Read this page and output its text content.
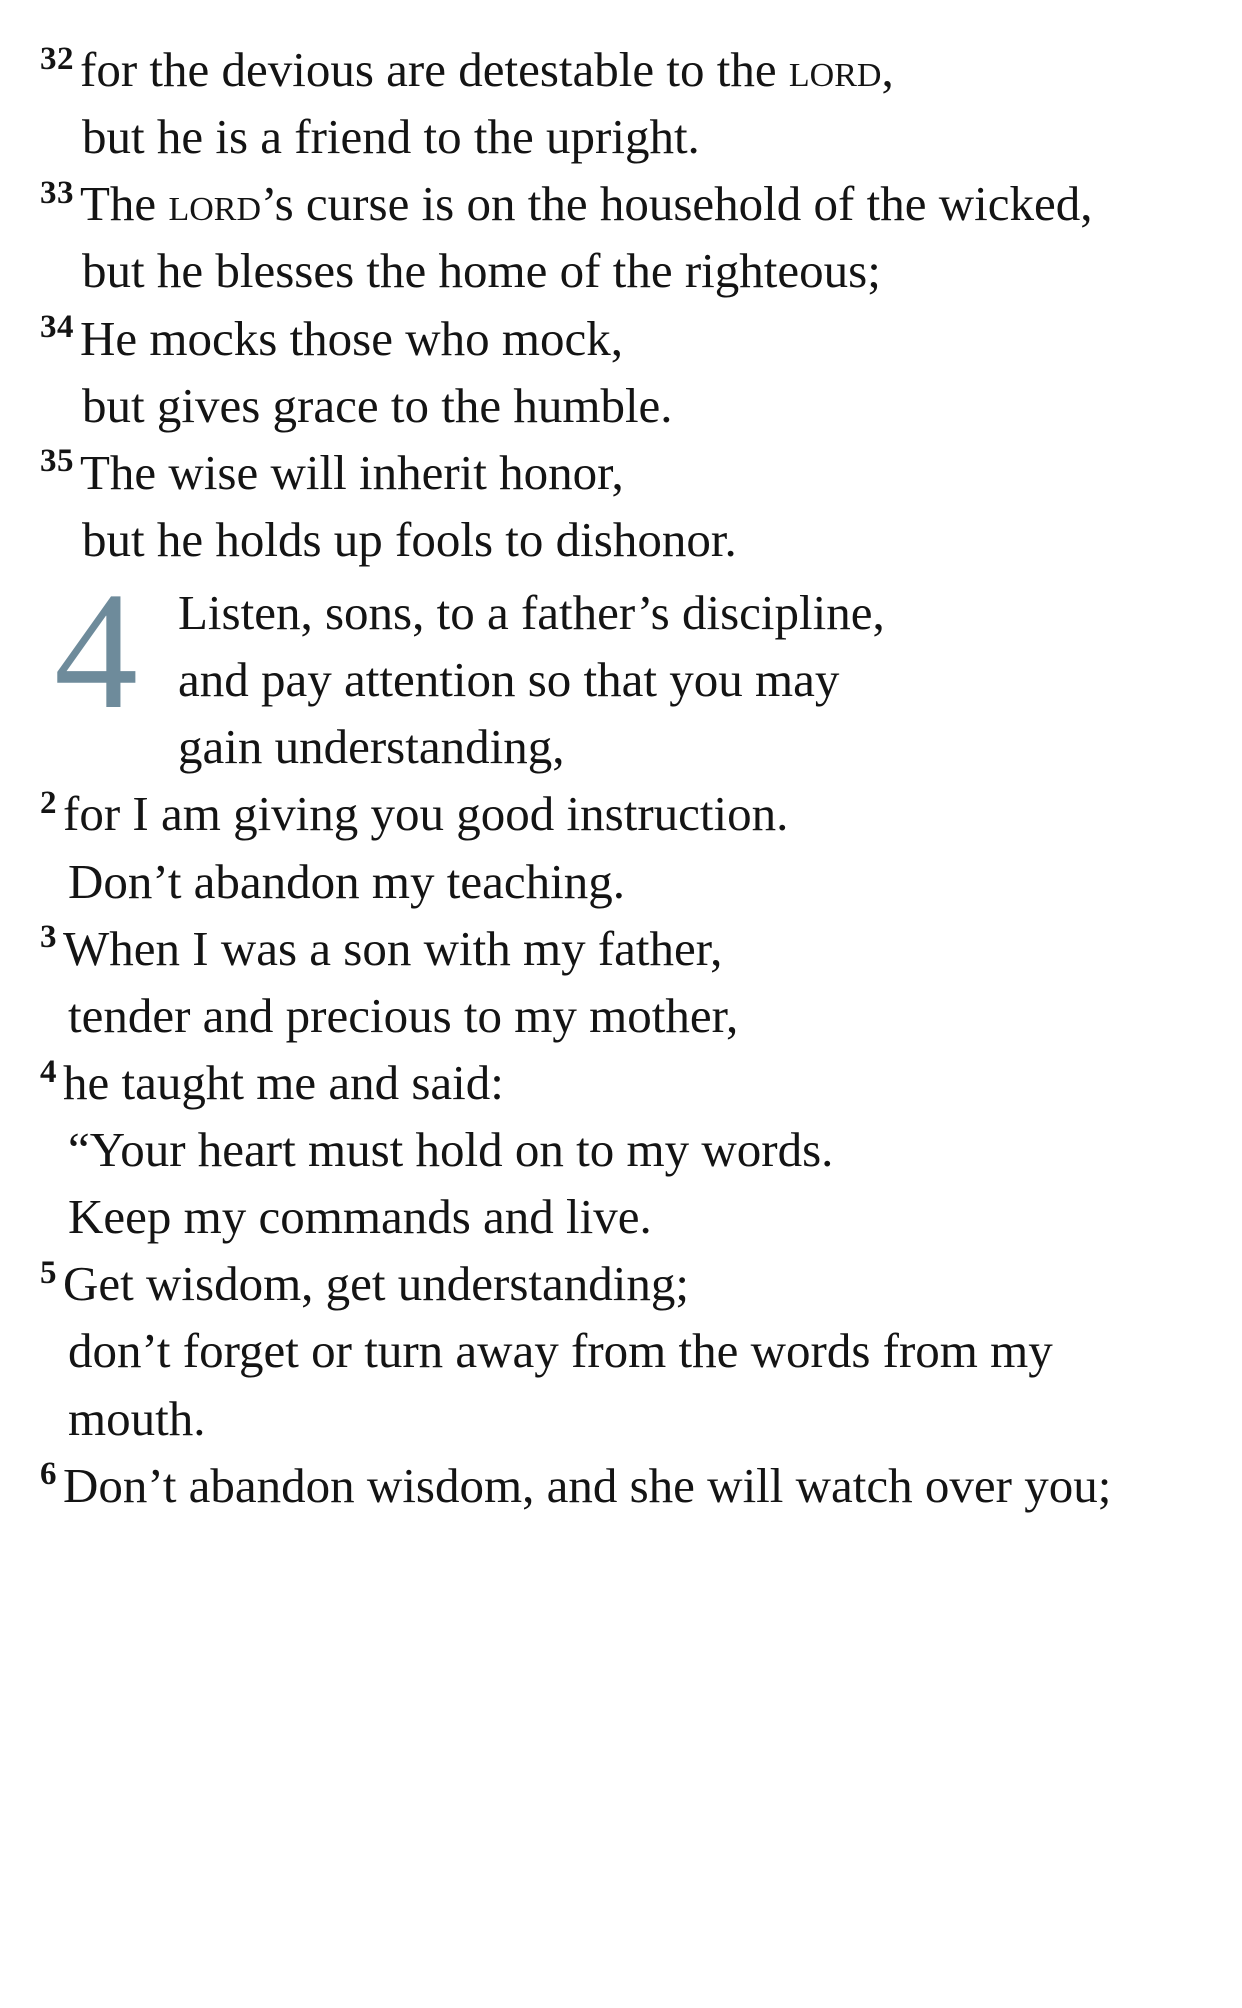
$^{32}$ for the devious are detestable to the lord,
but he is a friend to the upright.
$^{33}$ The lord’s curse is on the household of the wicked,
but he blesses the home of the righteous;
$^{34}$ He mocks those who mock,
but gives grace to the humble.
$^{35}$ The wise will inherit honor,
but he holds up fools to dishonor.
4 Listen, sons, to a father’s discipline,
and pay attention so that you may
gain understanding,
$^2$ for I am giving you good instruction.
Don’t abandon my teaching.
$^3$ When I was a son with my father,
tender and precious to my mother,
$^4$ he taught me and said:
“Your heart must hold on to my words.
Keep my commands and live.
$^5$ Get wisdom, get understanding;
don’t forget or turn away from the words from my mouth.
$^6$ Don’t abandon wisdom, and she will watch over you;
